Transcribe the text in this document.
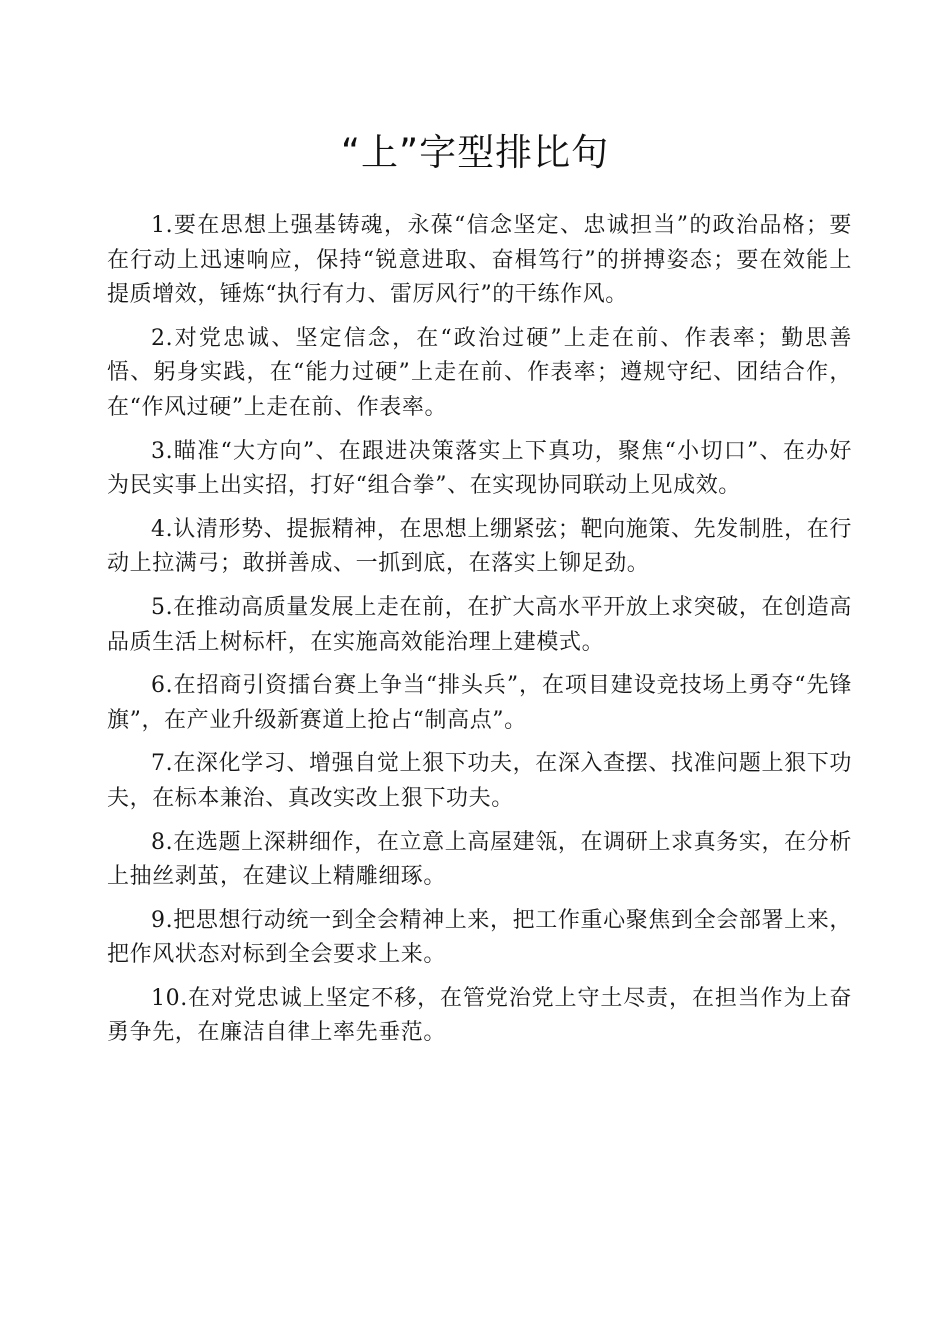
“上”字型排比句

1.要在思想上强基铸魂，永葆“信念坚定、忠诚担当”的政治品格；要在行动上迅速响应，保持“锐意进取、奋楫笃行”的拼搏姿态；要在效能上提质增效，锤炼“执行有力、雷厉风行”的干练作风。

2.对党忠诚、坚定信念，在“政治过硬”上走在前、作表率；勤思善悟、躬身实践，在“能力过硬”上走在前、作表率；遵规守纪、团结合作，在“作风过硬”上走在前、作表率。

3.瞄准“大方向”、在跟进决策落实上下真功，聚焦“小切口”、在办好为民实事上出实招，打好“组合拳”、在实现协同联动上见成效。

4.认清形势、提振精神，在思想上绷紧弦；靶向施策、先发制胜，在行动上拉满弓；敢拼善成、一抓到底，在落实上铆足劲。

5.在推动高质量发展上走在前，在扩大高水平开放上求突破，在创造高品质生活上树标杆，在实施高效能治理上建模式。

6.在招商引资擂台赛上争当“排头兵”，在项目建设竞技场上勇夺“先锋旗”，在产业升级新赛道上抢占“制高点”。

7.在深化学习、增强自觉上狠下功夫，在深入查摆、找准问题上狠下功夫，在标本兼治、真改实改上狠下功夫。

8.在选题上深耕细作，在立意上高屋建瓴，在调研上求真务实，在分析上抽丝剥茧，在建议上精雕细琢。

9.把思想行动统一到全会精神上来，把工作重心聚焦到全会部署上来，把作风状态对标到全会要求上来。

10.在对党忠诚上坚定不移，在管党治党上守土尽责，在担当作为上奋勇争先，在廉洁自律上率先垂范。
